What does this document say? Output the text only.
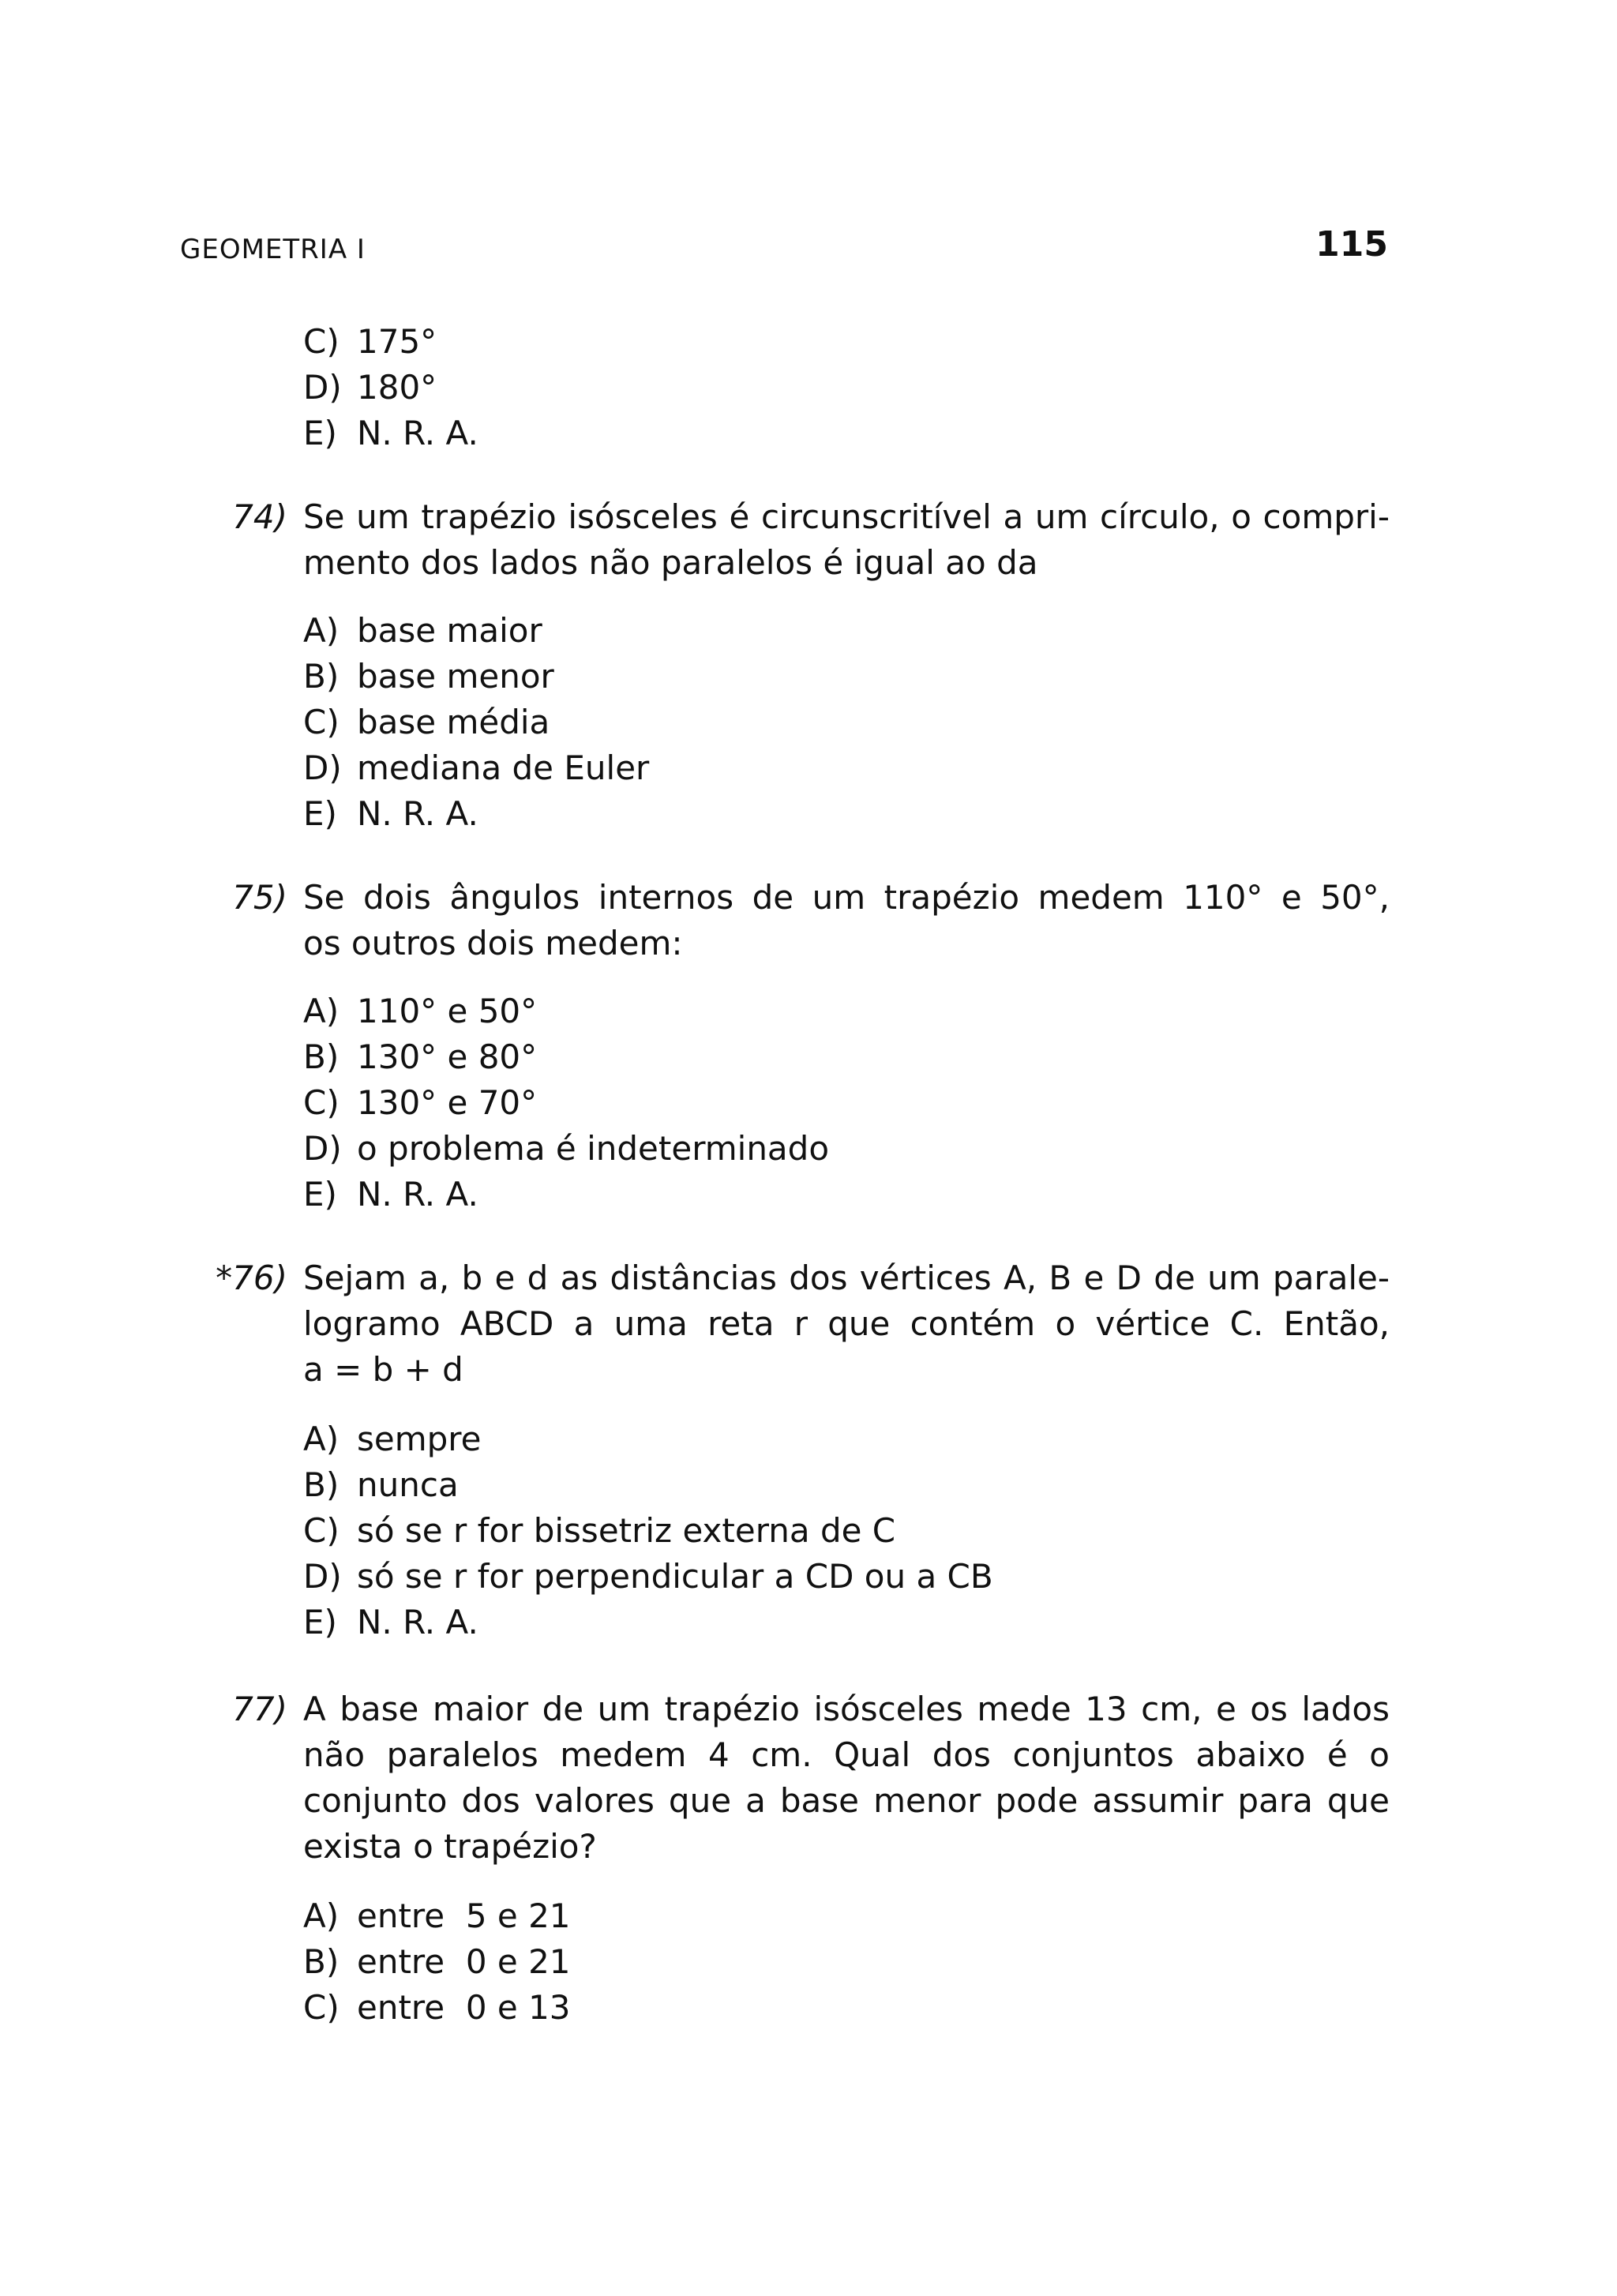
GEOMETRIA I	115
C) 175°
D) 180°
E) N. R. A.
74) Se um trapézio isósceles é circunscritível a um círculo, o compri-
mento dos lados não paralelos é igual ao da
A) base maior
B) base menor
C) base média
D) mediana de Euler
E) N. R. A.
75) Se dois ângulos internos de um trapézio medem 110° e 50°,
os outros dois medem:
A) 110° e 50°
B) 130° e 80°
C) 130° e 70°
D) o problema é indeterminado
E) N. R. A.
*76) Sejam a, b e d as distâncias dos vértices A, B e D de um parale-
logramo ABCD a uma reta r que contém o vértice C. Então,
a = b + d
A) sempre
B) nunca
C) só se r for bissetriz externa de C
D) só se r for perpendicular a CD ou a CB
E) N. R. A.
77) A base maior de um trapézio isósceles mede 13 cm, e os lados
não paralelos medem 4 cm. Qual dos conjuntos abaixo é o
conjunto dos valores que a base menor pode assumir para que
exista o trapézio?
A) entre  5 e 21
B) entre  0 e 21
C) entre  0 e 13
